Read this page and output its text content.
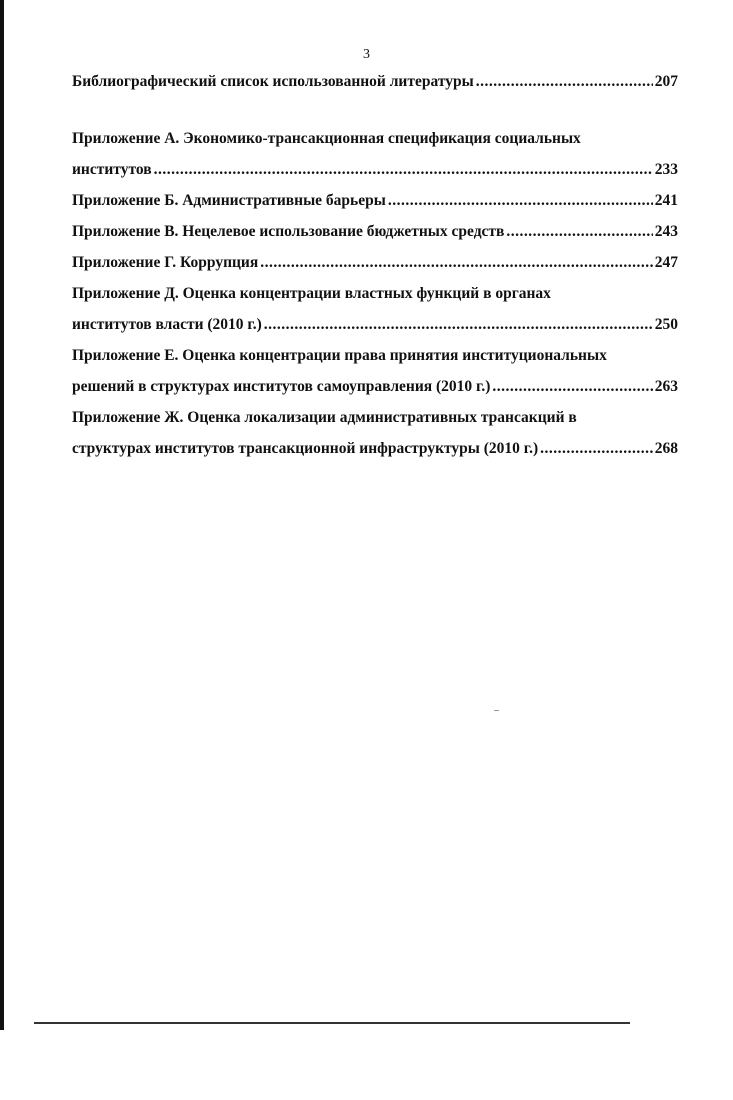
3
Библиографический список использованной литературы .....	207
Приложение А. Экономико-трансакционная спецификация социальных
институтов .....	233
Приложение Б. Административные барьеры .....	241
Приложение В. Нецелевое использование бюджетных средств .....	243
Приложение Г. Коррупция .....	247
Приложение Д. Оценка концентрации властных функций в органах
институтов власти (2010 г.) .....	250
Приложение Е. Оценка концентрации права принятия институциональных
решений в структурах институтов самоуправления (2010 г.) .....	263
Приложение Ж. Оценка локализации административных трансакций в
структурах институтов трансакционной инфраструктуры (2010 г.) .....	268
